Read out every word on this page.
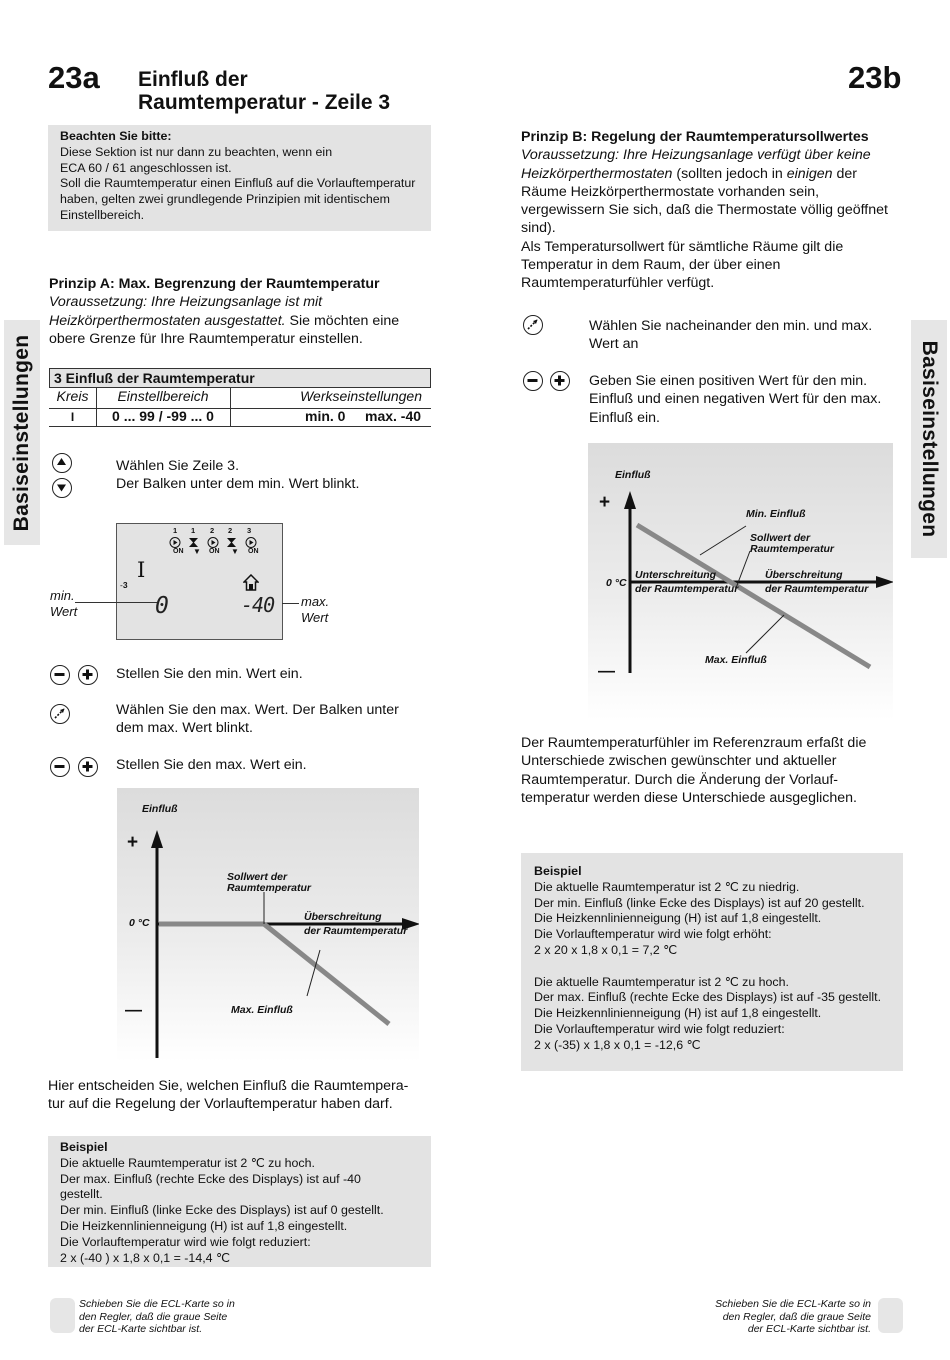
23a Einfluß der
Raumtemperatur - Zeile 3
23b
Basiseinstellungen	Basiseinstellungen
Beachten Sie bitte:
Diese Sektion ist nur dann zu beachten, wenn ein
ECA 60 / 61 angeschlossen ist.
Soll die Raumtemperatur einen Einfluß auf die Vorlauftemperatur
haben, gelten zwei grundlegende Prinzipien mit identischem
Einstellbereich.
Prinzip A: Max. Begrenzung der Raumtemperatur
Voraussetzung: Ihre Heizungsanlage ist mit
Heizkörperthermostaten ausgestattet. Sie möchten eine
obere Grenze für Ihre Raumtemperatur einstellen.
3 Einfluß der Raumtemperatur
Kreis	Einstellbereich	Werkseinstellungen
I	0 ... 99 / -99 ... 0	min. 0 max. -40
Wählen Sie Zeile 3.
Der Balken unter dem min. Wert blinkt.
1 1 2 2 3
ON ▼ ON ▼ ON
I
-3
0	-40
min.
Wert
max.
Wert
Stellen Sie den min. Wert ein.
Wählen Sie den max. Wert. Der Balken unter
dem max. Wert blinkt.
Stellen Sie den max. Wert ein.
Einfluß
+
—
0 °C
Sollwert der
Raumtemperatur
Überschreitung
der Raumtemperatur
Max. Einfluß
Hier entscheiden Sie, welchen Einfluß die Raumtempera-
tur auf die Regelung der Vorlauftemperatur haben darf.
Beispiel
Die aktuelle Raumtemperatur ist 2 ℃ zu hoch.
Der max. Einfluß (rechte Ecke des Displays) ist auf -40
gestellt.
Der min. Einfluß (linke Ecke des Displays) ist auf 0 gestellt.
Die Heizkennlinienneigung (H) ist auf 1,8 eingestellt.
Die Vorlauftemperatur wird wie folgt reduziert:
2 x (-40 ) x 1,8 x 0,1 = -14,4 ℃
Schieben Sie die ECL-Karte so in
den Regler, daß die graue Seite
der ECL-Karte sichtbar ist.
Prinzip B: Regelung der Raumtemperatursollwertes
Voraussetzung: Ihre Heizungsanlage verfügt über keine
Heizkörperthermostaten (sollten jedoch in einigen der
Räume Heizkörperthermostate vorhanden sein,
vergewissern Sie sich, daß die Thermostate völlig geöffnet
sind).
Als Temperatursollwert für sämtliche Räume gilt die
Temperatur in dem Raum, der über einen
Raumtemperaturfühler verfügt.
Wählen Sie nacheinander den min. und max.
Wert an
Geben Sie einen positiven Wert für den min.
Einfluß und einen negativen Wert für den max.
Einfluß ein.
Einfluß
+
—
0 °C
Min. Einfluß
Sollwert der
Raumtemperatur
Unterschreitung
der Raumtemperatur
Überschreitung
der Raumtemperatur
Max. Einfluß
Der Raumtemperaturfühler im Referenzraum erfaßt die
Unterschiede zwischen gewünschter und aktueller
Raumtemperatur. Durch die Änderung der Vorlauf-
temperatur werden diese Unterschiede ausgeglichen.
Beispiel
Die aktuelle Raumtemperatur ist 2 ℃ zu niedrig.
Der min. Einfluß (linke Ecke des Displays) ist auf 20 gestellt.
Die Heizkennlinienneigung (H) ist auf 1,8 eingestellt.
Die Vorlauftemperatur wird wie folgt erhöht:
2 x 20 x 1,8 x 0,1 = 7,2 ℃
Die aktuelle Raumtemperatur ist 2 ℃ zu hoch.
Der max. Einfluß (rechte Ecke des Displays) ist auf -35 gestellt.
Die Heizkennlinienneigung (H) ist auf 1,8 eingestellt.
Die Vorlauftemperatur wird wie folgt reduziert:
2 x (-35) x 1,8 x 0,1 = -12,6 ℃
Schieben Sie die ECL-Karte so in
den Regler, daß die graue Seite
der ECL-Karte sichtbar ist.
